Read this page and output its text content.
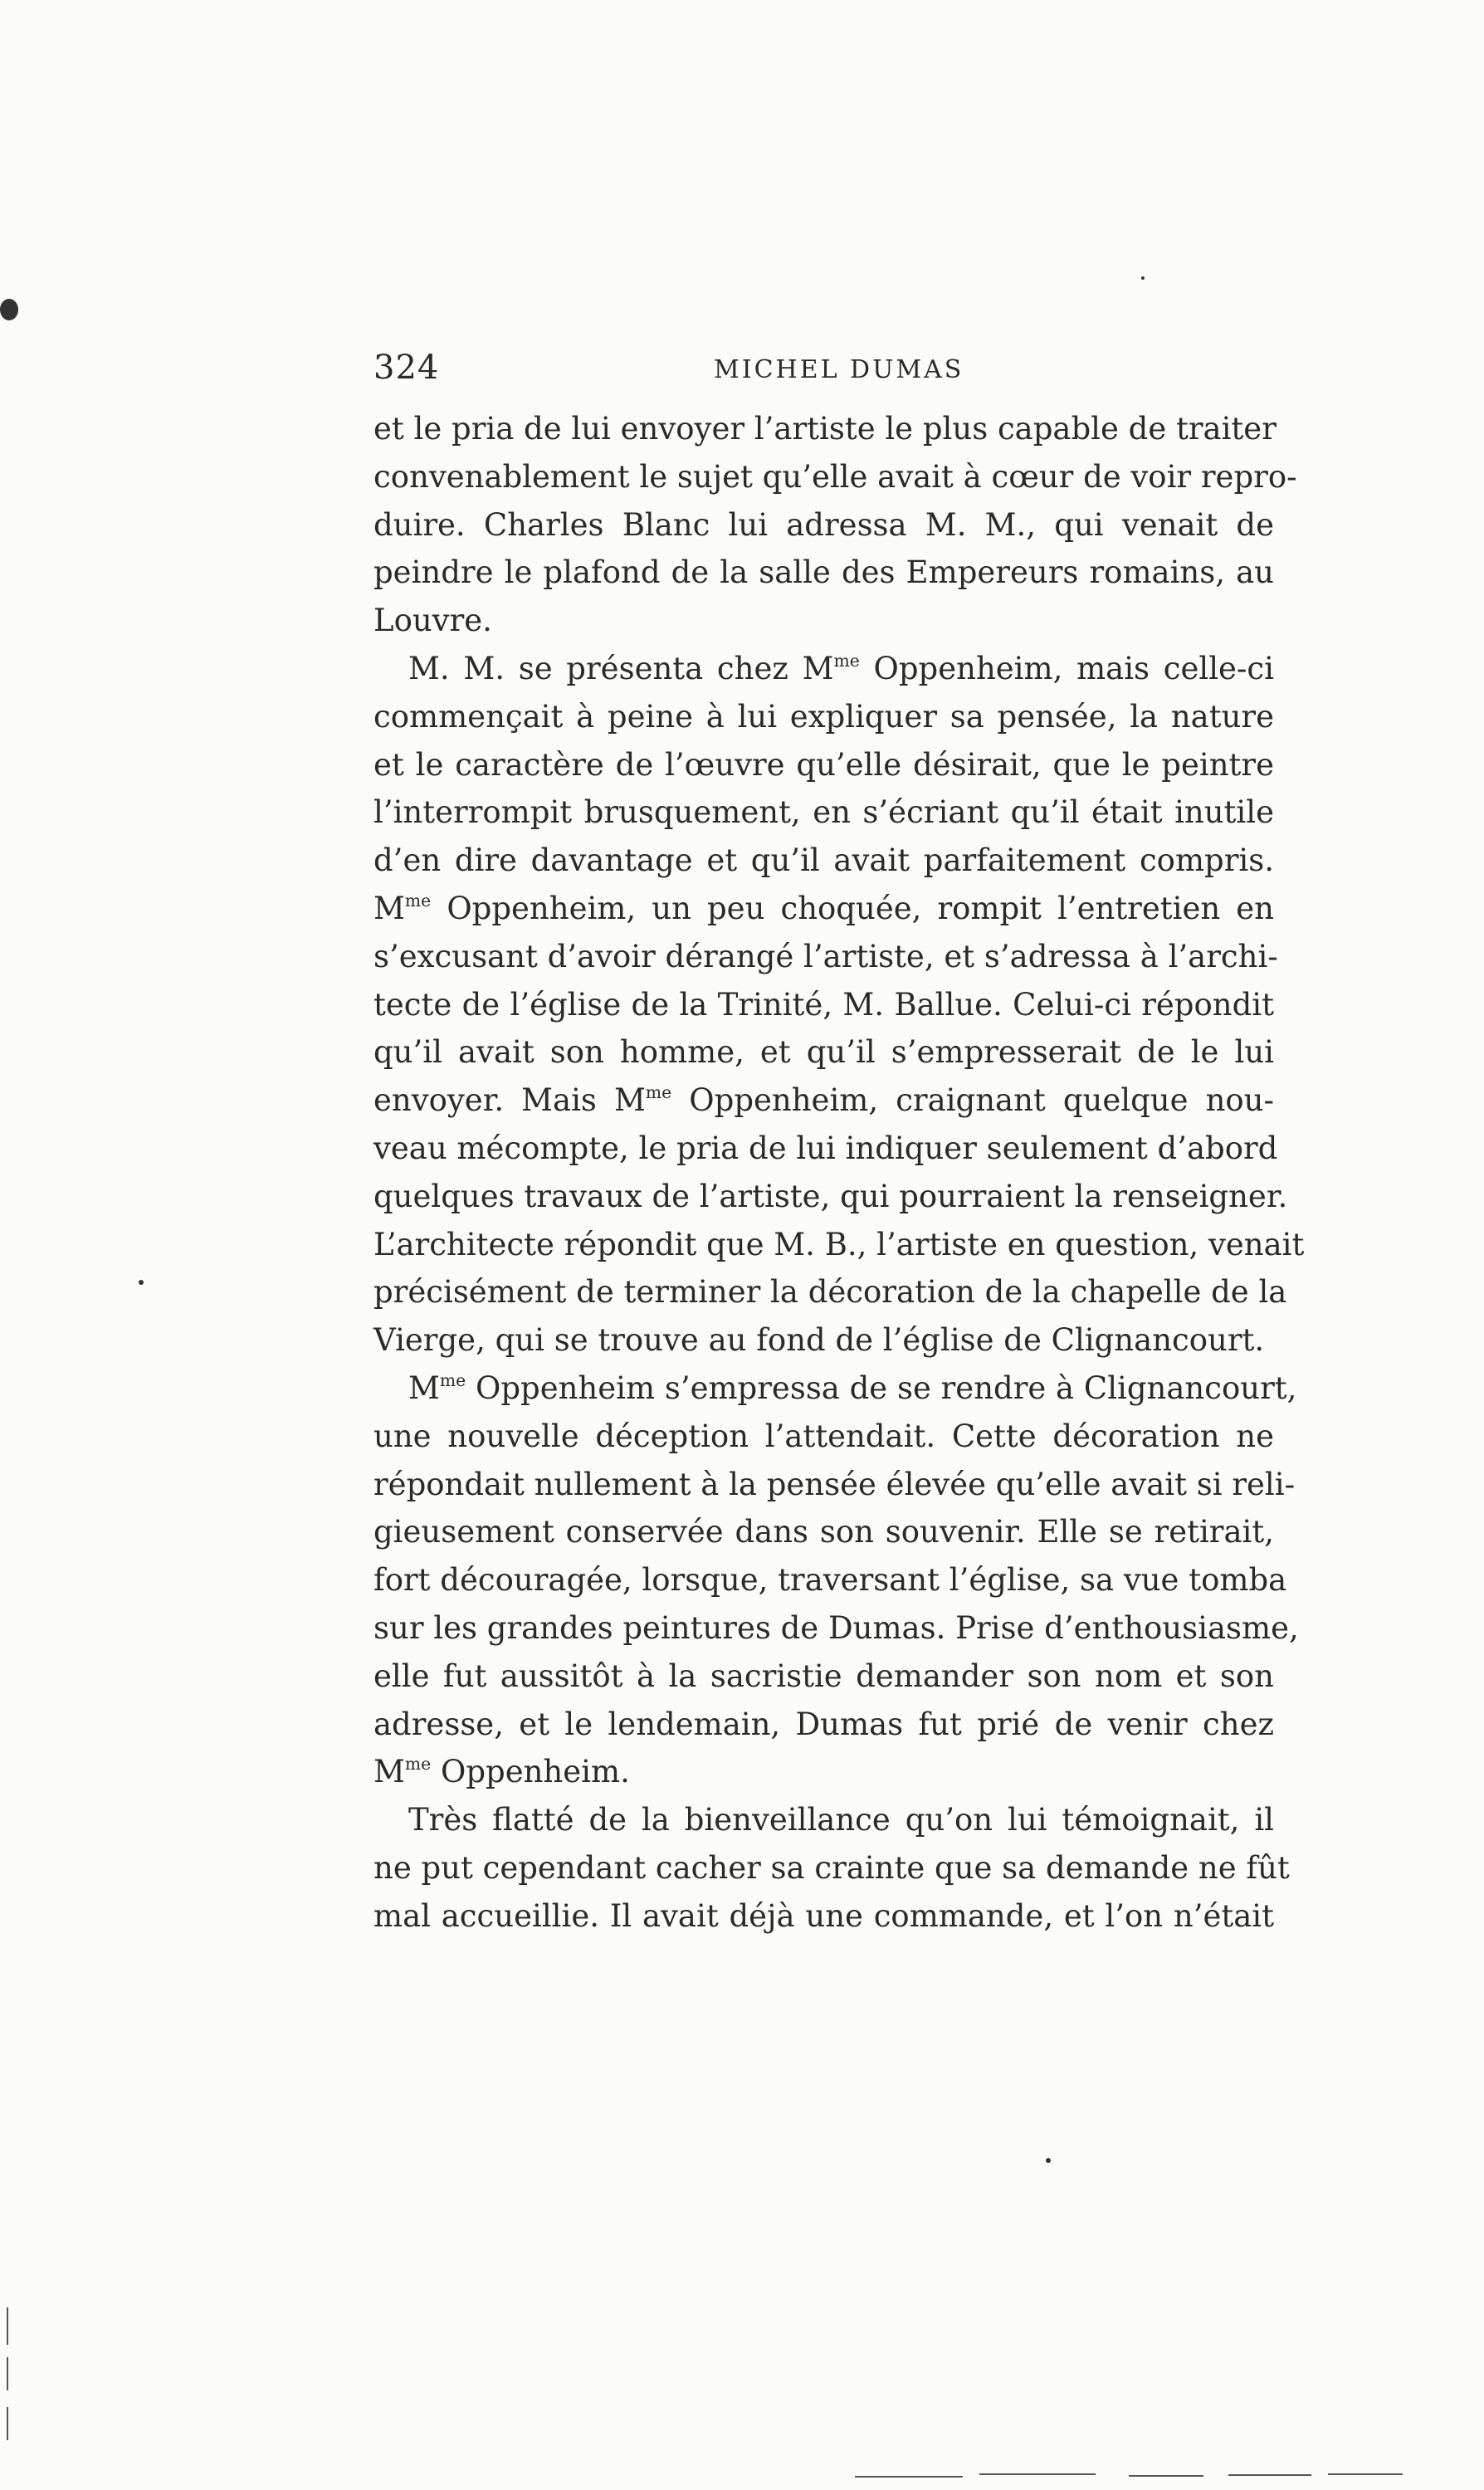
324	MICHEL DUMAS
et le pria de lui envoyer l’artiste le plus capable de traiter
convenablement le sujet qu’elle avait à cœur de voir repro-
duire. Charles Blanc lui adressa M. M., qui venait de
peindre le plafond de la salle des Empereurs romains, au
Louvre.
M. M. se présenta chez $M^{me}$ Oppenheim, mais celle-ci
commençait à peine à lui expliquer sa pensée, la nature
et le caractère de l’œuvre qu’elle désirait, que le peintre
l’interrompit brusquement, en s’écriant qu’il était inutile
d’en dire davantage et qu’il avait parfaitement compris.
$M^{me}$ Oppenheim, un peu choquée, rompit l’entretien en
s’excusant d’avoir dérangé l’artiste, et s’adressa à l’archi-
tecte de l’église de la Trinité, M. Ballue. Celui-ci répondit
qu’il avait son homme, et qu’il s’empresserait de le lui
envoyer. Mais $M^{me}$ Oppenheim, craignant quelque nou-
veau mécompte, le pria de lui indiquer seulement d’abord
quelques travaux de l’artiste, qui pourraient la renseigner.
L’architecte répondit que M. B., l’artiste en question, venait
précisément de terminer la décoration de la chapelle de la
Vierge, qui se trouve au fond de l’église de Clignancourt.
$M^{me}$ Oppenheim s’empressa de se rendre à Clignancourt,
une nouvelle déception l’attendait. Cette décoration ne
répondait nullement à la pensée élevée qu’elle avait si reli-
gieusement conservée dans son souvenir. Elle se retirait,
fort découragée, lorsque, traversant l’église, sa vue tomba
sur les grandes peintures de Dumas. Prise d’enthousiasme,
elle fut aussitôt à la sacristie demander son nom et son
adresse, et le lendemain, Dumas fut prié de venir chez
$M^{me}$ Oppenheim.
Très flatté de la bienveillance qu’on lui témoignait, il
ne put cependant cacher sa crainte que sa demande ne fût
mal accueillie. Il avait déjà une commande, et l’on n’était
